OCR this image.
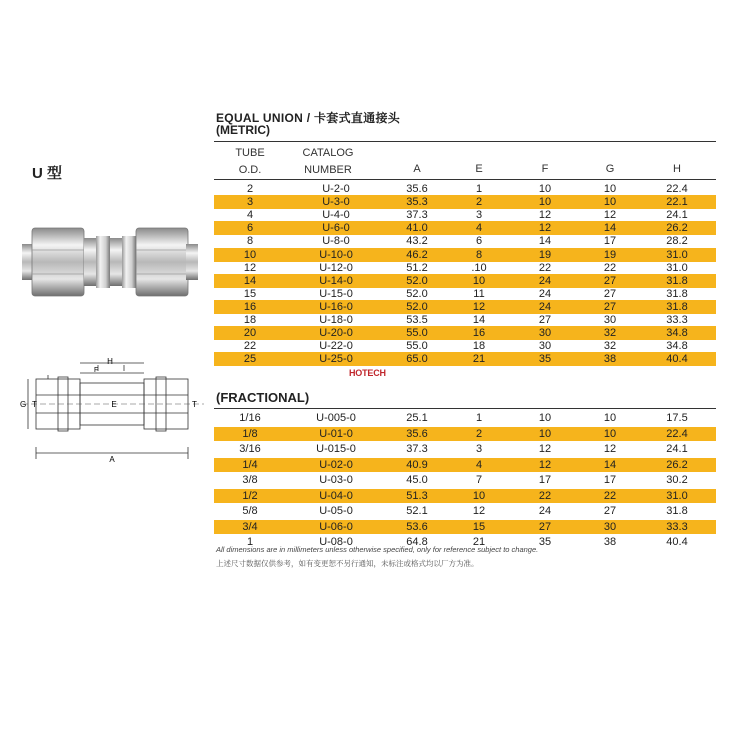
EQUAL UNION / 卡套式直通接头
(METRIC)
U 型
H
F
G T	E	T
A
TUBE
O.D.
CATALOG
NUMBER	A	E	F	G	H
2	U-2-0	35.6	1	10	10	22.4
3	U-3-0	35.3	2	10	10	22.1
4	U-4-0	37.3	3	12	12	24.1
6	U-6-0	41.0	4	12	14	26.2
8	U-8-0	43.2	6	14	17	28.2
10	U-10-0	46.2	8	19	19	31.0
12	U-12-0	51.2	.10	22	22	31.0
14	U-14-0	52.0	10	24	27	31.8
15	U-15-0	52.0	11	24	27	31.8
16	U-16-0	52.0	12	24	27	31.8
18	U-18-0	53.5	14	27	30	33.3
20	U-20-0	55.0	16	30	32	34.8
22	U-22-0	55.0	18	30	32	34.8
25	U-25-0	65.0	21	35	38	40.4
(FRACTIONAL)
1/16	U-005-0	25.1	1	10	10	17.5
1/8	U-01-0	35.6	2	10	10	22.4
3/16	U-015-0	37.3	3	12	12	24.1
1/4	U-02-0	40.9	4	12	14	26.2
3/8	U-03-0	45.0	7	17	17	30.2
1/2	U-04-0	51.3	10	22	22	31.0
5/8	U-05-0	52.1	12	24	27	31.8
3/4	U-06-0	53.6	15	27	30	33.3
1	U-08-0	64.8	21	35	38	40.4
HOTECH
All dimensions are in millimeters unless otherwise specified, only for reference subject to change.
上述尺寸数据仅供参考，如有变更恕不另行通知，未标注或格式均以厂方为准。
